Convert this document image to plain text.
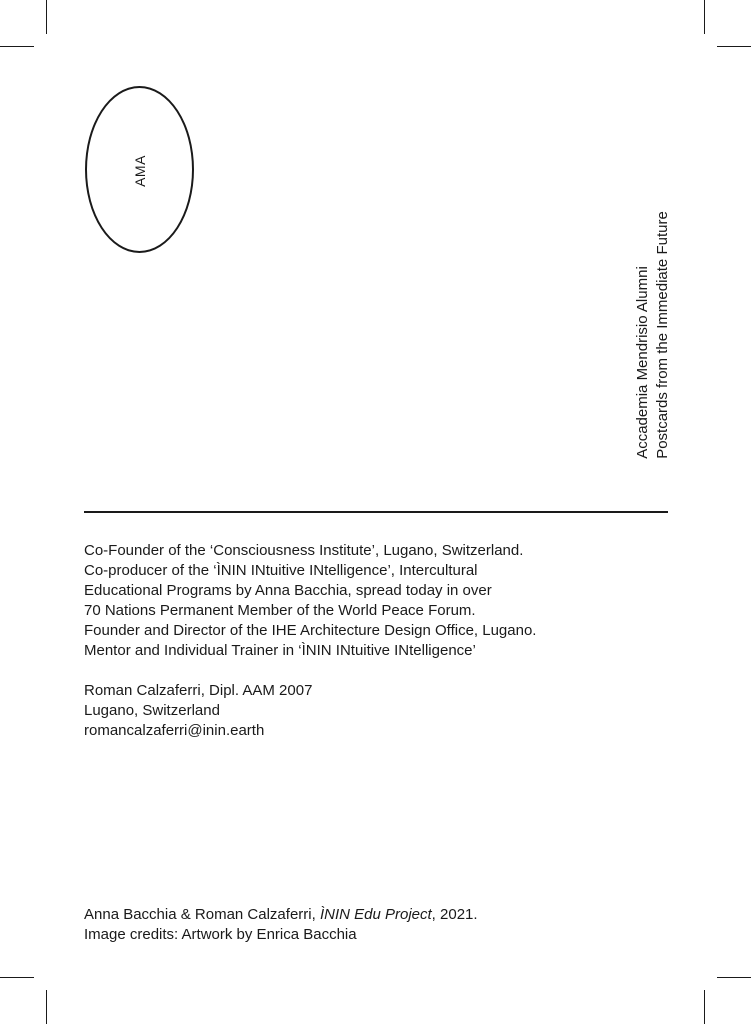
AMA
Accademia Mendrisio Alumni Postcards from the Immediate Future
Co-Founder of the ‘Consciousness Institute’, Lugano, Switzerland.
Co-producer of the ‘ÌNIN INtuitive INtelligence’, Intercultural
Educational Programs by Anna Bacchia, spread today in over
70 Nations Permanent Member of the World Peace Forum.
Founder and Director of the IHE Architecture Design Office, Lugano.
Mentor and Individual Trainer in ‘ÌNIN INtuitive INtelligence’
Roman Calzaferri, Dipl. AAM 2007
Lugano, Switzerland
romancalzaferri@inin.earth
Anna Bacchia & Roman Calzaferri, ÌNIN Edu Project, 2021.
Image credits: Artwork by Enrica Bacchia
